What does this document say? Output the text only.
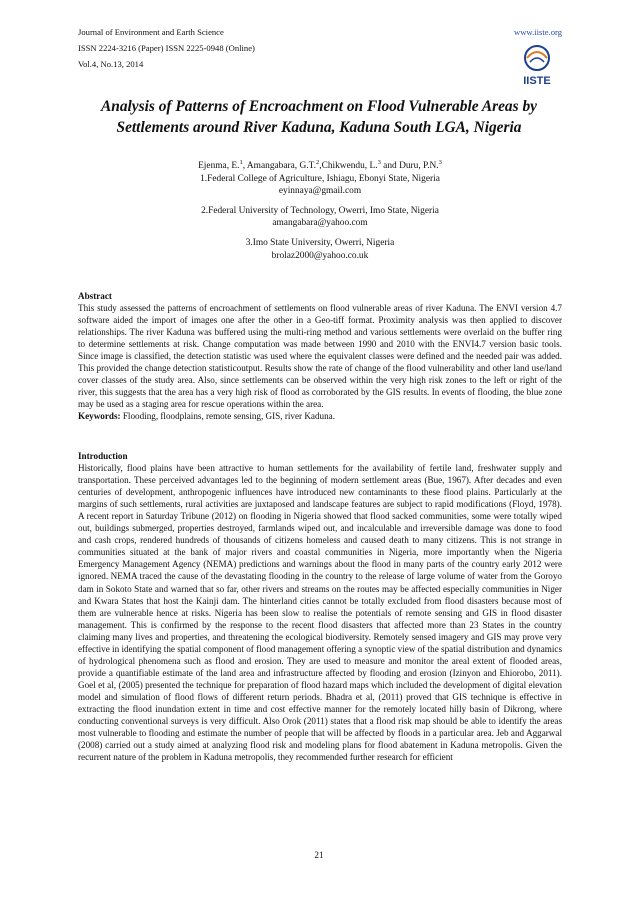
Journal of Environment and Earth Science
ISSN 2224-3216 (Paper) ISSN 2225-0948 (Online)
Vol.4, No.13, 2014
www.iiste.org
IISTE
Analysis of Patterns of Encroachment on Flood Vulnerable Areas by Settlements around River Kaduna, Kaduna South LGA, Nigeria
Ejenma, E.$^1$, Amangabara, G.T.$^2$,Chikwendu, L.$^3$ and Duru, P.N.$^3$
1.Federal College of Agriculture, Ishiagu, Ebonyi State, Nigeria
eyinnaya@gmail.com
2.Federal University of Technology, Owerri, Imo State, Nigeria
amangabara@yahoo.com
3.Imo State University, Owerri, Nigeria
brolaz2000@yahoo.co.uk
Abstract

This study assessed the patterns of encroachment of settlements on flood vulnerable areas of river Kaduna. The ENVI version 4.7 software aided the import of images one after the other in a Geo-tiff format. Proximity analysis was then applied to discover relationships. The river Kaduna was buffered using the multi-ring method and various settlements were overlaid on the buffer ring to determine settlements at risk. Change computation was made between 1990 and 2010 with the ENVI4.7 version basic tools. Since image is classified, the detection statistic was used where the equivalent classes were defined and the needed pair was added. This provided the change detection statisticoutput. Results show the rate of change of the flood vulnerability and other land use/land cover classes of the study area. Also, since settlements can be observed within the very high risk zones to the left or right of the river, this suggests that the area has a very high risk of flood as corroborated by the GIS results. In events of flooding, the blue zone may be used as a staging area for rescue operations within the area.

Keywords: Flooding, floodplains, remote sensing, GIS, river Kaduna.

Introduction

Historically, flood plains have been attractive to human settlements for the availability of fertile land, freshwater supply and transportation. These perceived advantages led to the beginning of modern settlement areas (Bue, 1967). After decades and even centuries of development, anthropogenic influences have introduced new contaminants to these flood plains. Particularly at the margins of such settlements, rural activities are juxtaposed and landscape features are subject to rapid modifications (Floyd, 1978). A recent report in Saturday Tribune (2012) on flooding in Nigeria showed that flood sacked communities, some were totally wiped out, buildings submerged, properties destroyed, farmlands wiped out, and incalculable and irreversible damage was done to food and cash crops, rendered hundreds of thousands of citizens homeless and caused death to many citizens. This is not strange in communities situated at the bank of major rivers and coastal communities in Nigeria, more importantly when the Nigeria Emergency Management Agency (NEMA) predictions and warnings about the flood in many parts of the country early 2012 were ignored. NEMA traced the cause of the devastating flooding in the country to the release of large volume of water from the Goroyo dam in Sokoto State and warned that so far, other rivers and streams on the routes may be affected especially communities in Niger and Kwara States that host the Kainji dam. The hinterland cities cannot be totally excluded from flood disasters because most of them are vulnerable hence at risks. Nigeria has been slow to realise the potentials of remote sensing and GIS in flood disaster management. This is confirmed by the response to the recent flood disasters that affected more than 23 States in the country claiming many lives and properties, and threatening the ecological biodiversity. Remotely sensed imagery and GIS may prove very effective in identifying the spatial component of flood management offering a synoptic view of the spatial distribution and dynamics of hydrological phenomena such as flood and erosion. They are used to measure and monitor the areal extent of flooded areas, provide a quantifiable estimate of the land area and infrastructure affected by flooding and erosion (Izinyon and Ehiorobo, 2011). Goel et al, (2005) presented the technique for preparation of flood hazard maps which included the development of digital elevation model and simulation of flood flows of different return periods. Bhadra et al, (2011) proved that GIS technique is effective in extracting the flood inundation extent in time and cost effective manner for the remotely located hilly basin of Dikrong, where conducting conventional surveys is very difficult. Also Orok (2011) states that a flood risk map should be able to identify the areas most vulnerable to flooding and estimate the number of people that will be affected by floods in a particular area. Jeb and Aggarwal (2008) carried out a study aimed at analyzing flood risk and modeling plans for flood abatement in Kaduna metropolis. Given the recurrent nature of the problem in Kaduna metropolis, they recommended further research for efficient

21
